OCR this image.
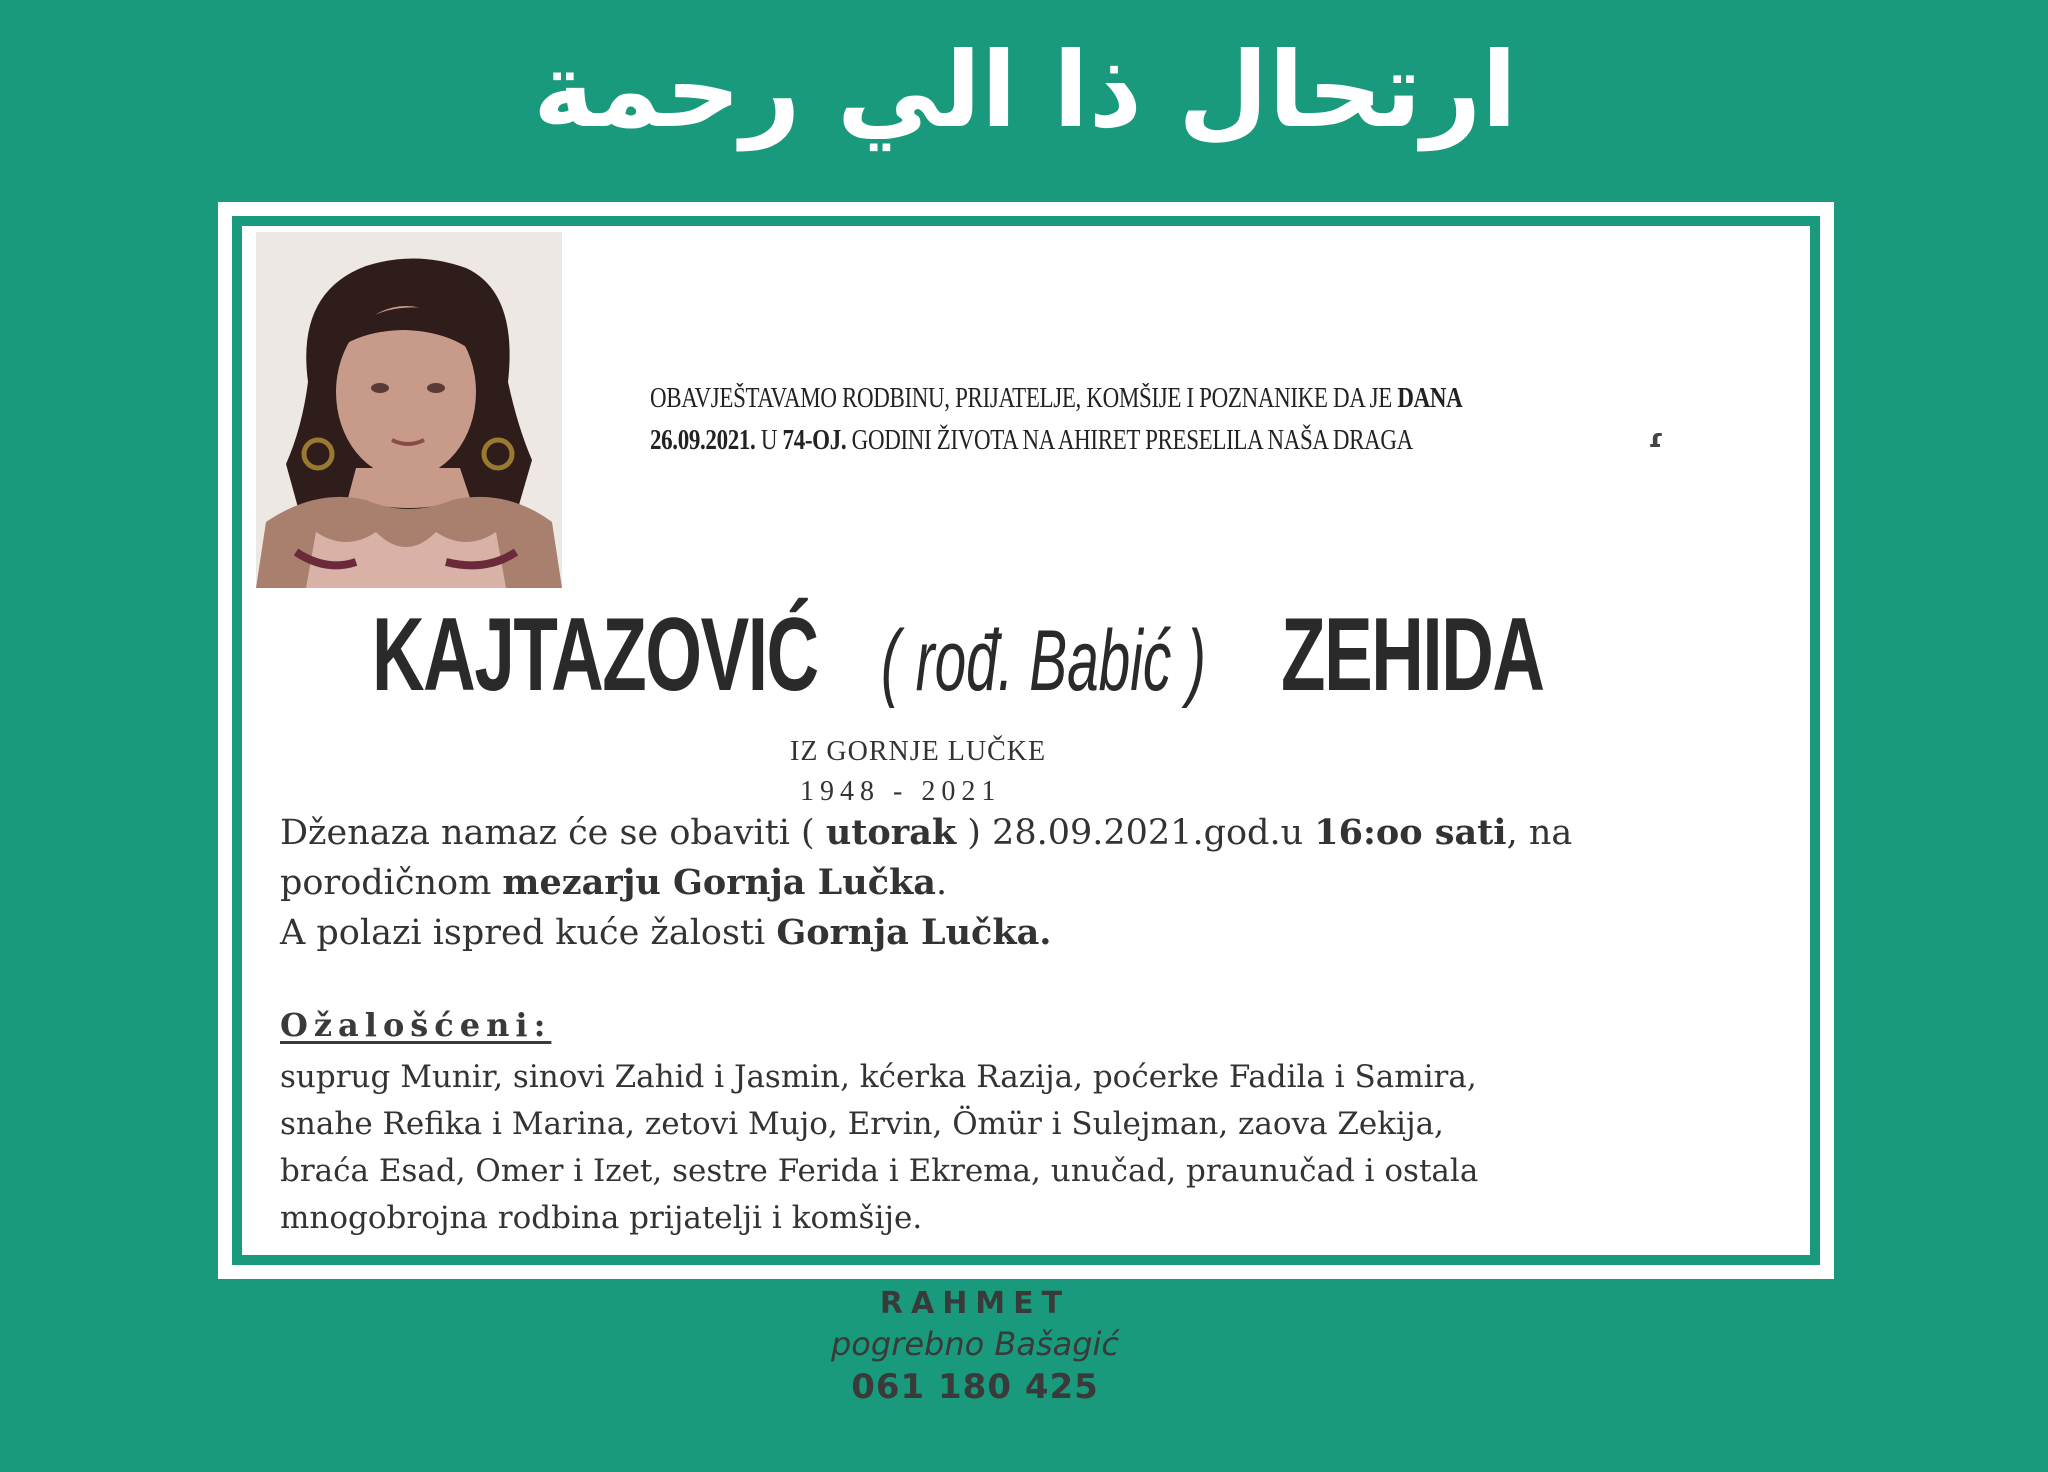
ارتحال ذا الي رحمة
OBAVJEŠTAVAMO RODBINU, PRIJATELJE, KOMŠIJE I POZNANIKE DA JE DANA
26.09.2021. U 74-OJ. GODINI ŽIVOTA NA AHIRET PRESELILA NAŠA DRAGA	ɾ
KAJTAZOVIĆ ( rođ. Babić ) ZEHIDA
IZ GORNJE LUČKE
1948 - 2021
Dženaza namaz će se obaviti ( utorak ) 28.09.2021.god.u 16:oo sati, na
porodičnom mezarju Gornja Lučka.
A polazi ispred kuće žalosti Gornja Lučka.
Ožalošćeni:
suprug Munir, sinovi Zahid i Jasmin, kćerka Razija, poćerke Fadila i Samira,
snahe Refika i Marina, zetovi Mujo, Ervin, Ömür i Sulejman, zaova Zekija,
braća Esad, Omer i Izet, sestre Ferida i Ekrema, unučad, praunučad i ostala
mnogobrojna rodbina prijatelji i komšije.
RAHMET
pogrebno Bašagić
061 180 425
